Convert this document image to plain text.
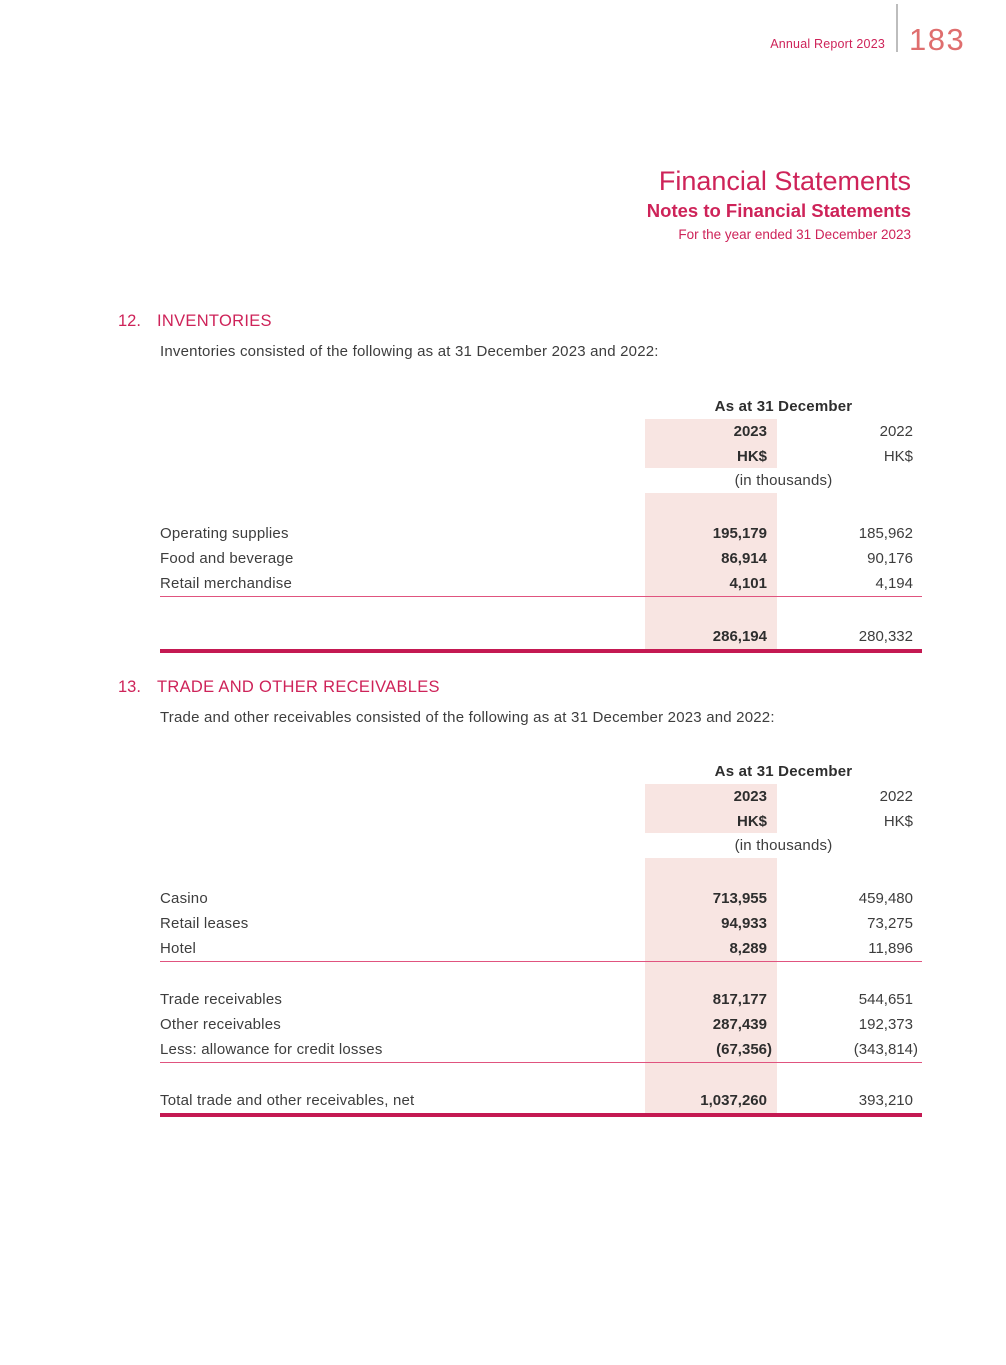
Annual Report 2023 183
Financial Statements
Notes to Financial Statements
For the year ended 31 December 2023
12. INVENTORIES
Inventories consisted of the following as at 31 December 2023 and 2022:
As at 31 December
2023	2022
HK$	HK$
(in thousands)
Operating supplies	195,179	185,962
Food and beverage	86,914	90,176
Retail merchandise	4,101	4,194
286,194	280,332
13. TRADE AND OTHER RECEIVABLES
Trade and other receivables consisted of the following as at 31 December 2023 and 2022:
As at 31 December
2023	2022
HK$	HK$
(in thousands)
Casino	713,955	459,480
Retail leases	94,933	73,275
Hotel	8,289	11,896
Trade receivables	817,177	544,651
Other receivables	287,439	192,373
Less: allowance for credit losses	(67,356)	(343,814)
Total trade and other receivables, net	1,037,260	393,210
